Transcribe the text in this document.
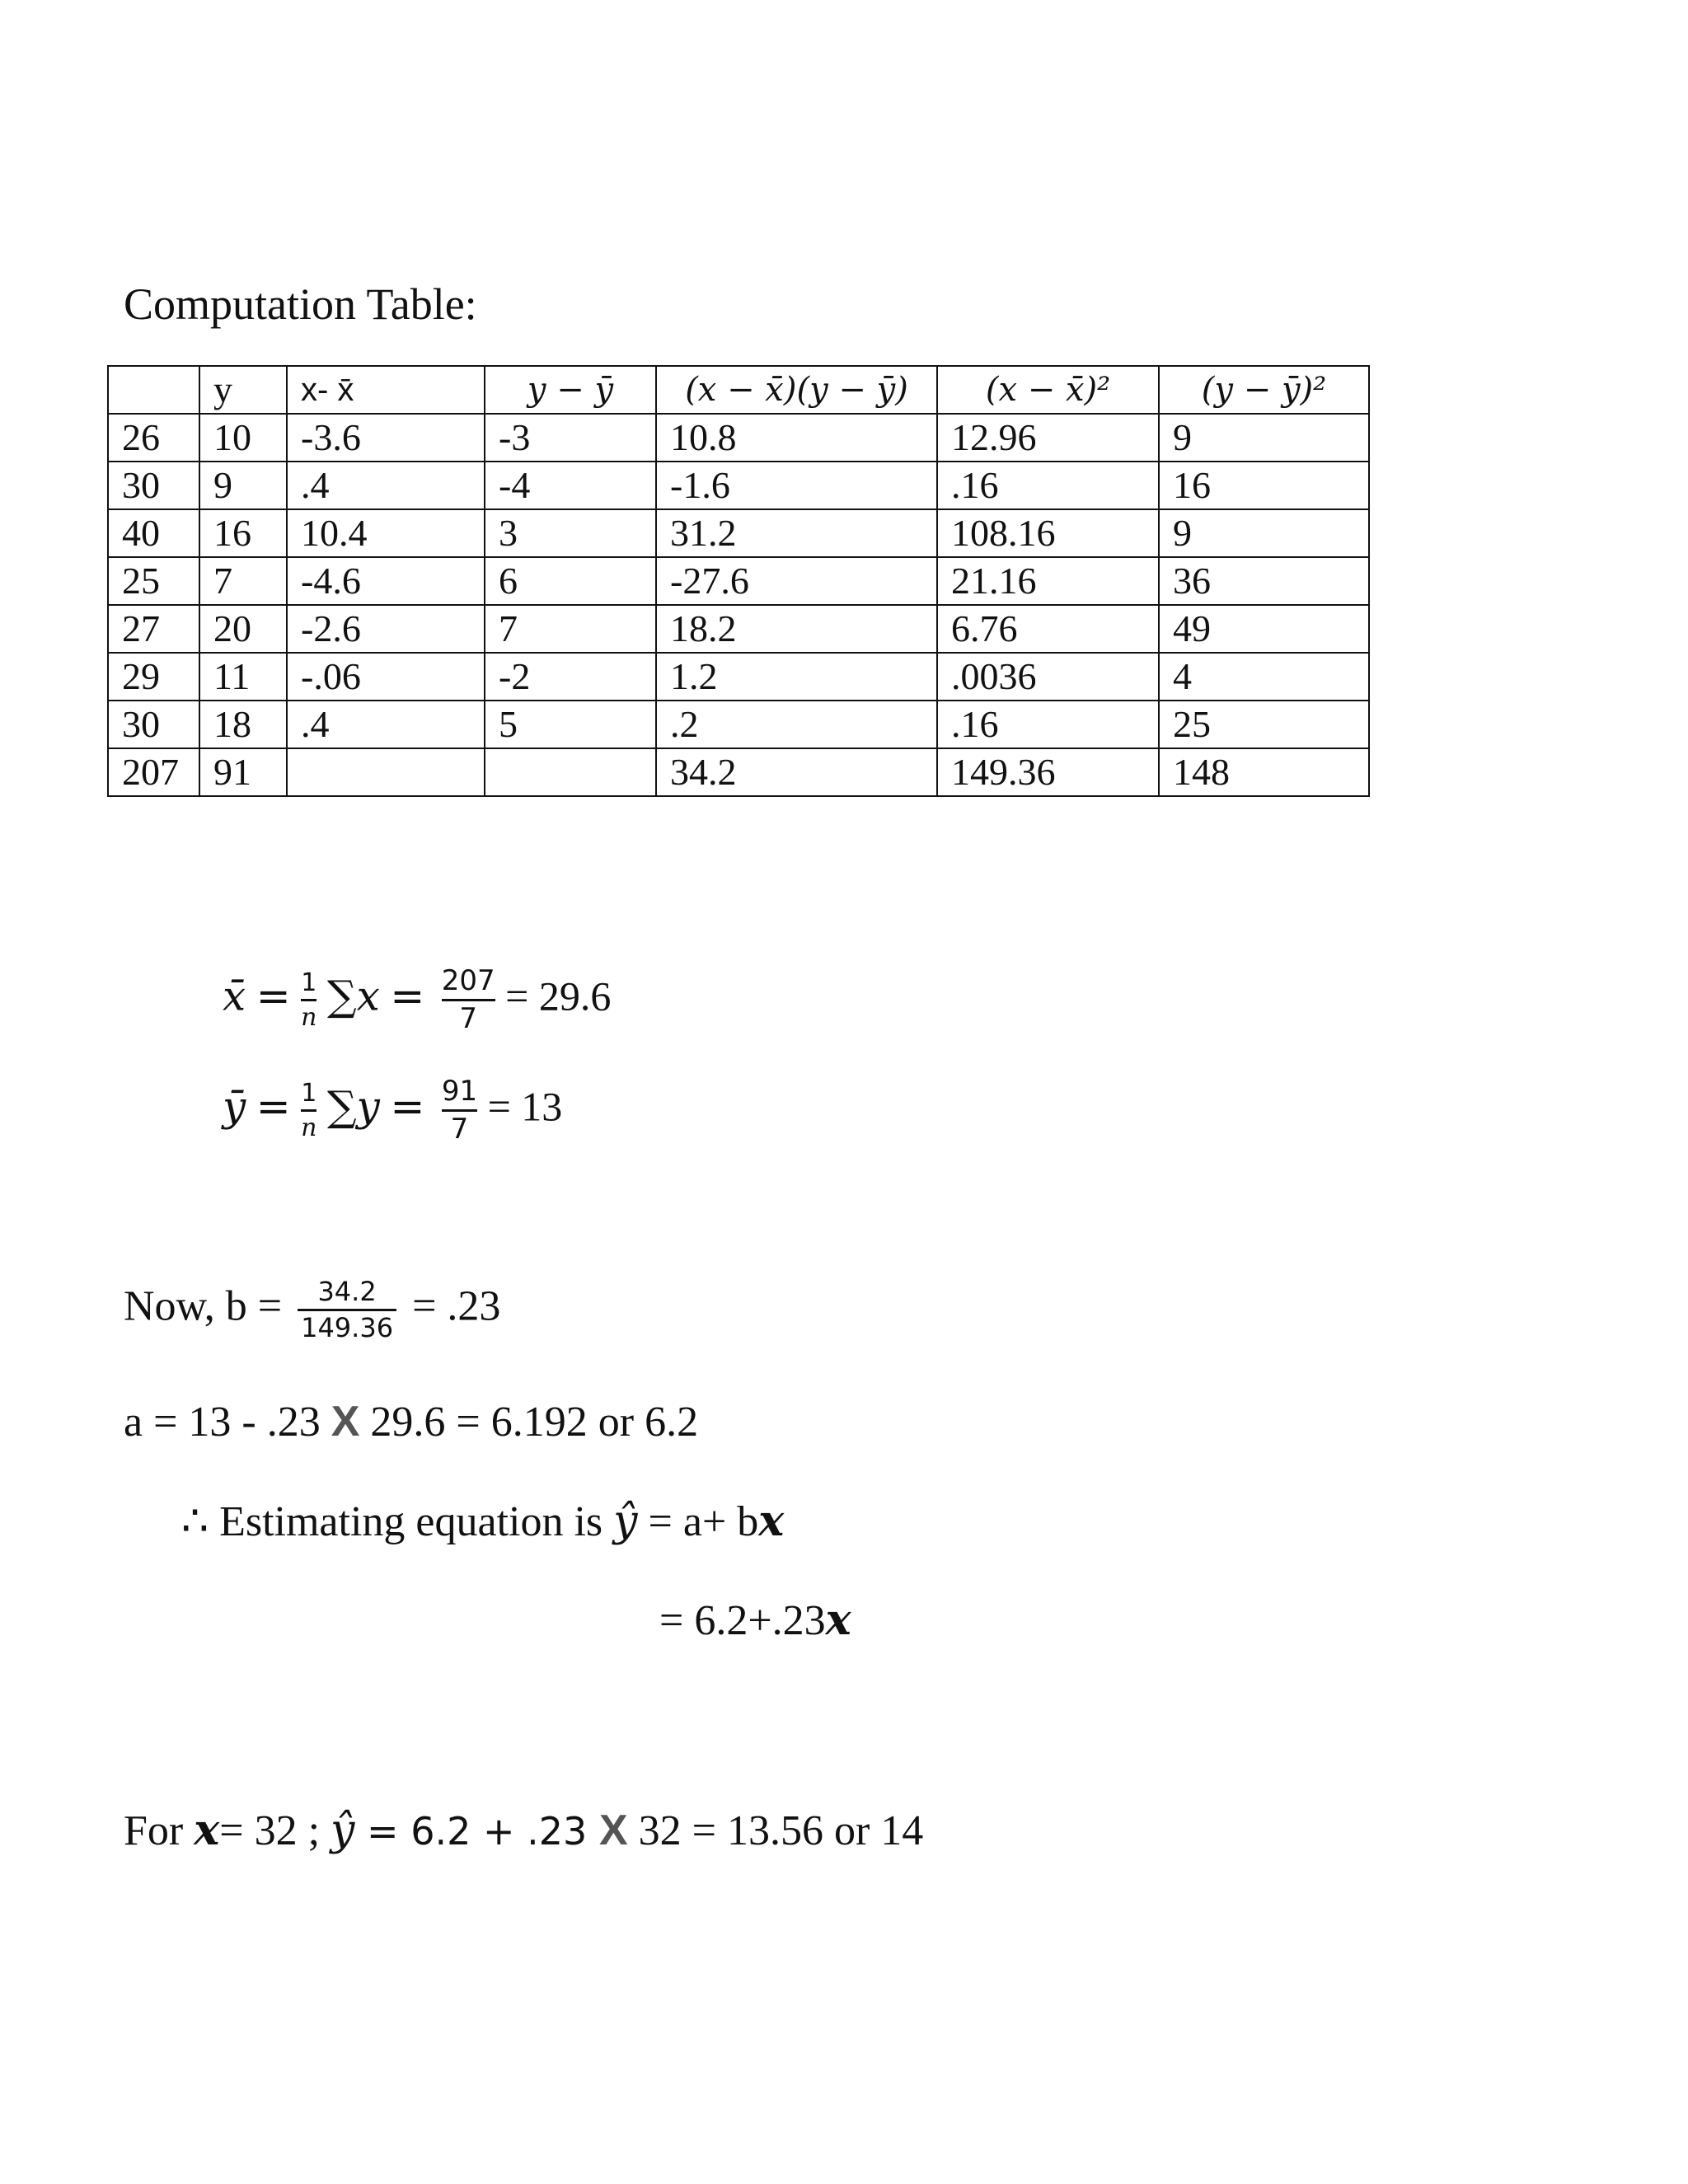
Computation Table:
	y	x- x̄	y − ȳ	(x − x̄)(y − ȳ)	(x − x̄)²	(y − ȳ)²
26	10	-3.6	-3	10.8	12.96	9
30	9	.4	-4	-1.6	.16	16
40	16	10.4	3	31.2	108.16	9
25	7	-4.6	6	-27.6	21.16	36
27	20	-2.6	7	18.2	6.76	49
29	11	-.06	-2	1.2	.0036	4
30	18	.4	5	.2	.16	25
207	91			34.2	149.36	148
x̄ = $\frac{1}{n} \sum x = \frac{207}{7} = 29.6$
ȳ = $\frac{1}{n} \sum y = \frac{91}{7} = 13$
Now, $b = \frac{34.2}{149.36} = .23$
a = 13 - .23 X 29.6 = 6.192 or 6.2
∴ Estimating equation is ŷ = a+ bx
= 6.2+.23x
For x= 32 ; ŷ = 6.2 + .23 X 32 = 13.56 or 14
